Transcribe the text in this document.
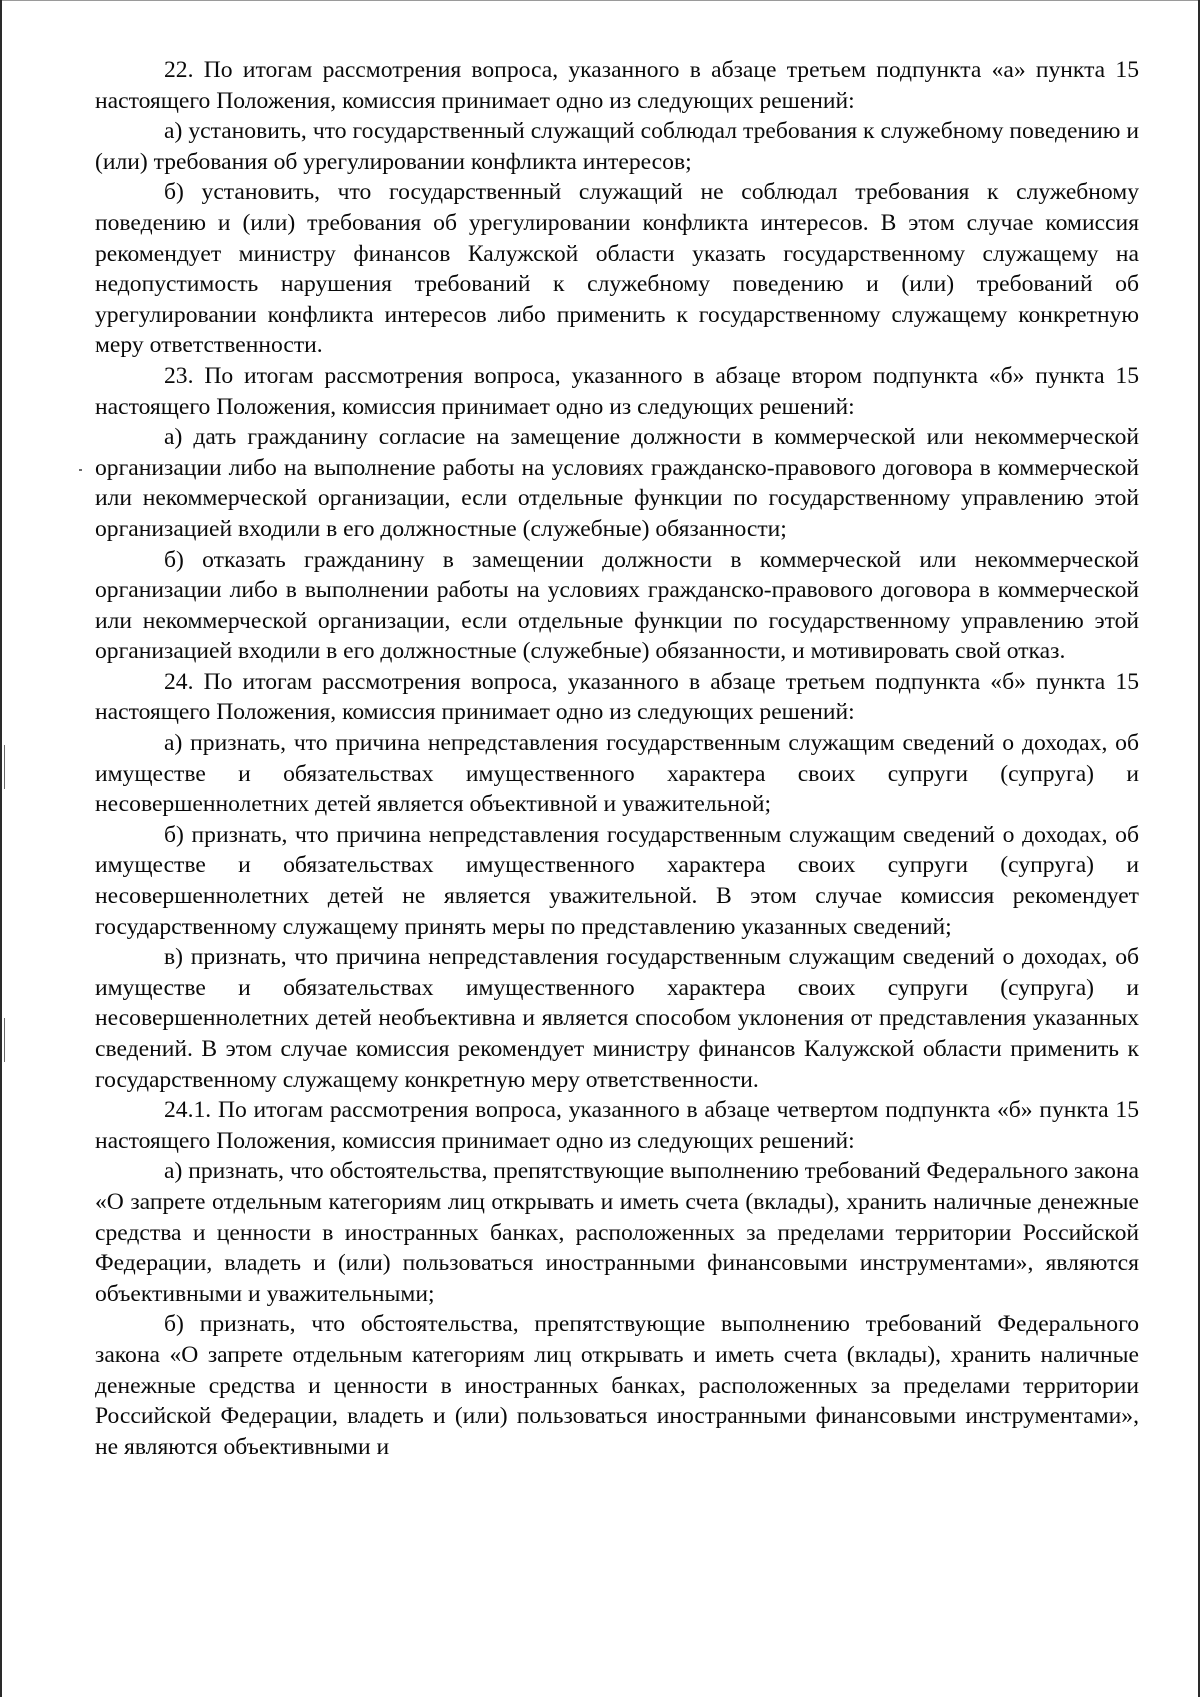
22. По итогам рассмотрения вопроса, указанного в абзаце третьем подпункта «а» пункта 15 настоящего Положения, комиссия принимает одно из следующих решений:

а) установить, что государственный служащий соблюдал требования к служебному поведению и (или) требования об урегулировании конфликта интересов;

б) установить, что государственный служащий не соблюдал требования к служебному поведению и (или) требования об урегулировании конфликта интересов. В этом случае комиссия рекомендует министру финансов Калужской области указать государственному служащему на недопустимость нарушения требований к служебному поведению и (или) требований об урегулировании конфликта интересов либо применить к государственному служащему конкретную меру ответственности.

23. По итогам рассмотрения вопроса, указанного в абзаце втором подпункта «б» пункта 15 настоящего Положения, комиссия принимает одно из следующих решений:

а) дать гражданину согласие на замещение должности в коммерческой или некоммерческой организации либо на выполнение работы на условиях гражданско-правового договора в коммерческой или некоммерческой организации, если отдельные функции по государственному управлению этой организацией входили в его должностные (служебные) обязанности;

б) отказать гражданину в замещении должности в коммерческой или некоммерческой организации либо в выполнении работы на условиях гражданско-правового договора в коммерческой или некоммерческой организации, если отдельные функции по государственному управлению этой организацией входили в его должностные (служебные) обязанности, и мотивировать свой отказ.

24. По итогам рассмотрения вопроса, указанного в абзаце третьем подпункта «б» пункта 15 настоящего Положения, комиссия принимает одно из следующих решений:

а) признать, что причина непредставления государственным служащим сведений о доходах, об имуществе и обязательствах имущественного характера своих супруги (супруга) и несовершеннолетних детей является объективной и уважительной;

б) признать, что причина непредставления государственным служащим сведений о доходах, об имуществе и обязательствах имущественного характера своих супруги (супруга) и несовершеннолетних детей не является уважительной. В этом случае комиссия рекомендует государственному служащему принять меры по представлению указанных сведений;

в) признать, что причина непредставления государственным служащим сведений о доходах, об имуществе и обязательствах имущественного характера своих супруги (супруга) и несовершеннолетних детей необъективна и является способом уклонения от представления указанных сведений. В этом случае комиссия рекомендует министру финансов Калужской области применить к государственному служащему конкретную меру ответственности.

24.1. По итогам рассмотрения вопроса, указанного в абзаце четвертом подпункта «б» пункта 15 настоящего Положения, комиссия принимает одно из следующих решений:

а) признать, что обстоятельства, препятствующие выполнению требований Федерального закона «О запрете отдельным категориям лиц открывать и иметь счета (вклады), хранить наличные денежные средства и ценности в иностранных банках, расположенных за пределами территории Российской Федерации, владеть и (или) пользоваться иностранными финансовыми инструментами», являются объективными и уважительными;

б) признать, что обстоятельства, препятствующие выполнению требований Федерального закона «О запрете отдельным категориям лиц открывать и иметь счета (вклады), хранить наличные денежные средства и ценности в иностранных банках, расположенных за пределами территории Российской Федерации, владеть и (или) пользоваться иностранными финансовыми инструментами», не являются объективными и
